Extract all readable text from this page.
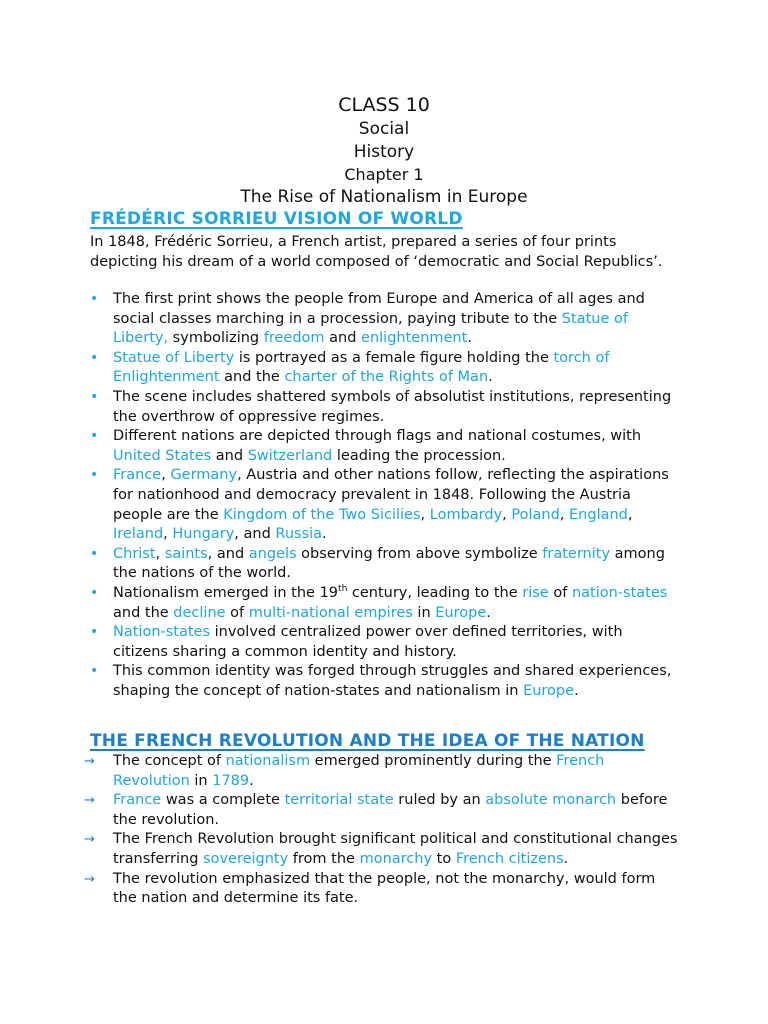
CLASS 10
Social
History
Chapter 1
The Rise of Nationalism in Europe
FRÉDÉRIC SORRIEU VISION OF WORLD
In 1848, Frédéric Sorrieu, a French artist, prepared a series of four prints depicting his dream of a world composed of ‘democratic and Social Republics’.
• The first print shows the people from Europe and America of all ages and social classes marching in a procession, paying tribute to the Statue of Liberty, symbolizing freedom and enlightenment.
• Statue of Liberty is portrayed as a female figure holding the torch of Enlightenment and the charter of the Rights of Man.
• The scene includes shattered symbols of absolutist institutions, representing the overthrow of oppressive regimes.
• Different nations are depicted through flags and national costumes, with United States and Switzerland leading the procession.
• France, Germany, Austria and other nations follow, reflecting the aspirations for nationhood and democracy prevalent in 1848. Following the Austria people are the Kingdom of the Two Sicilies, Lombardy, Poland, England, Ireland, Hungary, and Russia.
• Christ, saints, and angels observing from above symbolize fraternity among the nations of the world.
• Nationalism emerged in the 19th century, leading to the rise of nation-states and the decline of multi-national empires in Europe.
• Nation-states involved centralized power over defined territories, with citizens sharing a common identity and history.
• This common identity was forged through struggles and shared experiences, shaping the concept of nation-states and nationalism in Europe.
THE FRENCH REVOLUTION AND THE IDEA OF THE NATION
→ The concept of nationalism emerged prominently during the French Revolution in 1789.
→ France was a complete territorial state ruled by an absolute monarch before the revolution.
→ The French Revolution brought significant political and constitutional changes transferring sovereignty from the monarchy to French citizens.
→ The revolution emphasized that the people, not the monarchy, would form the nation and determine its fate.
